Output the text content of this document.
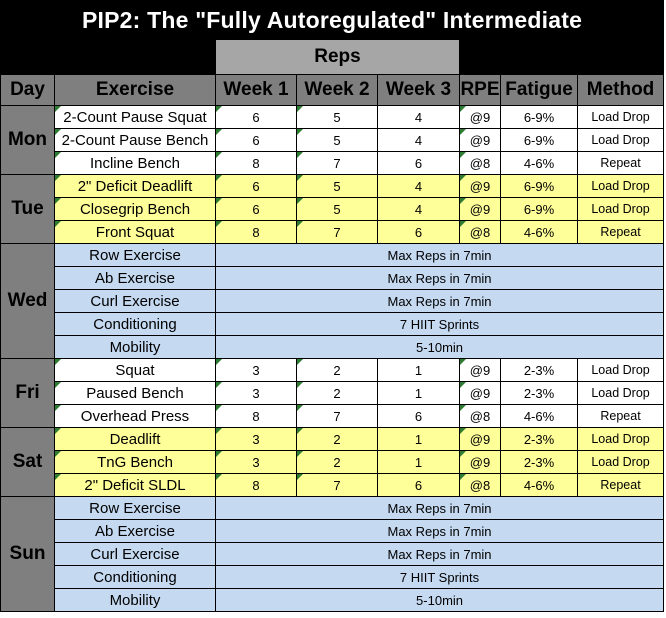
PIP2: The "Fully Autoregulated" Intermediate							
		Reps					
Day	Exercise	Week 1	Week 2	Week 3	RPE	Fatigue	Method
Mon	2-Count Pause Squat	6	5	4	@9	6-9%	Load Drop
	2-Count Pause Bench	6	5	4	@9	6-9%	Load Drop
	Incline Bench	8	7	6	@8	4-6%	Repeat
Tue	2" Deficit Deadlift	6	5	4	@9	6-9%	Load Drop
	Closegrip Bench	6	5	4	@9	6-9%	Load Drop
	Front Squat	8	7	6	@8	4-6%	Repeat
Wed	Row Exercise	Max Reps in 7min					
	Ab Exercise	Max Reps in 7min					
	Curl Exercise	Max Reps in 7min					
	Conditioning	7 HIIT Sprints					
	Mobility	5-10min					
Fri	Squat	3	2	1	@9	2-3%	Load Drop
	Paused Bench	3	2	1	@9	2-3%	Load Drop
	Overhead Press	8	7	6	@8	4-6%	Repeat
Sat	Deadlift	3	2	1	@9	2-3%	Load Drop
	TnG Bench	3	2	1	@9	2-3%	Load Drop
	2" Deficit SLDL	8	7	6	@8	4-6%	Repeat
Sun	Row Exercise	Max Reps in 7min					
	Ab Exercise	Max Reps in 7min					
	Curl Exercise	Max Reps in 7min					
	Conditioning	7 HIIT Sprints					
	Mobility	5-10min					
